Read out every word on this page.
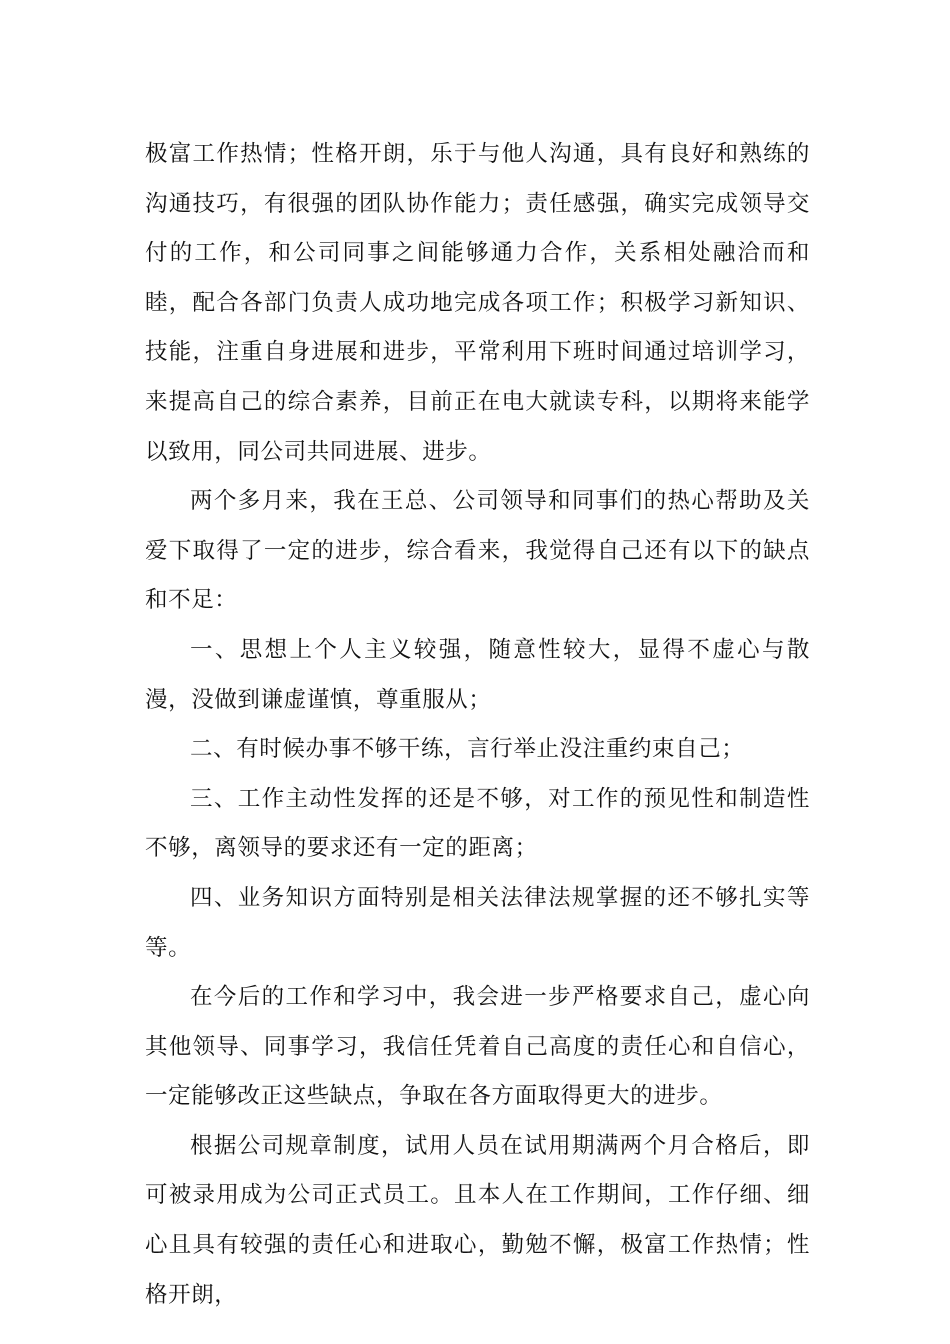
极富工作热情；性格开朗，乐于与他人沟通，具有良好和熟练的沟通技巧，有很强的团队协作能力；责任感强，确实完成领导交付的工作，和公司同事之间能够通力合作，关系相处融洽而和睦，配合各部门负责人成功地完成各项工作；积极学习新知识、技能，注重自身进展和进步，平常利用下班时间通过培训学习，来提高自己的综合素养，目前正在电大就读专科，以期将来能学以致用，同公司共同进展、进步。

两个多月来，我在王总、公司领导和同事们的热心帮助及关爱下取得了一定的进步，综合看来，我觉得自己还有以下的缺点和不足：

一、思想上个人主义较强，随意性较大，显得不虚心与散漫，没做到谦虚谨慎，尊重服从；

二、有时候办事不够干练，言行举止没注重约束自己；

三、工作主动性发挥的还是不够，对工作的预见性和制造性不够，离领导的要求还有一定的距离；

四、业务知识方面特别是相关法律法规掌握的还不够扎实等等。

在今后的工作和学习中，我会进一步严格要求自己，虚心向其他领导、同事学习，我信任凭着自己高度的责任心和自信心，一定能够改正这些缺点，争取在各方面取得更大的进步。

根据公司规章制度，试用人员在试用期满两个月合格后，即可被录用成为公司正式员工。且本人在工作期间，工作仔细、细心且具有较强的责任心和进取心，勤勉不懈，极富工作热情；性格开朗，
